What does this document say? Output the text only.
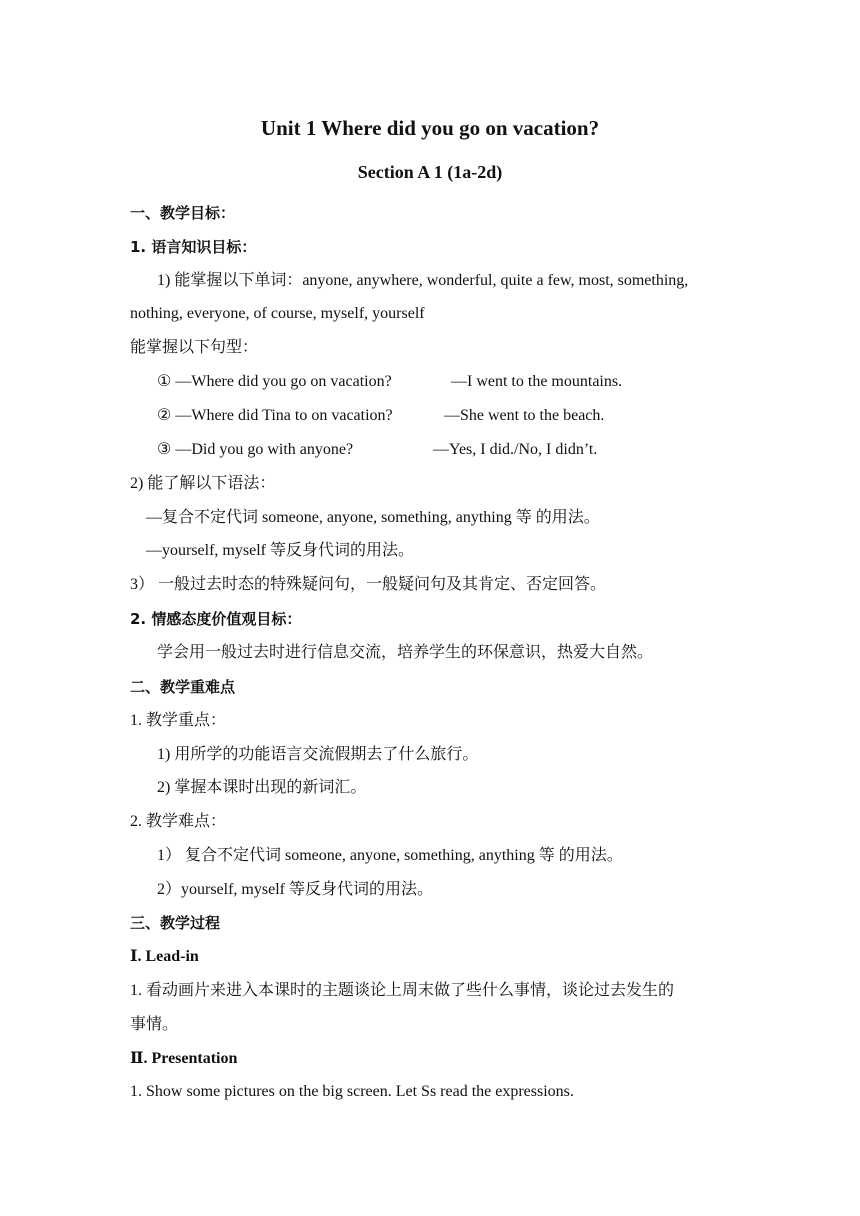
Unit 1 Where did you go on vacation?
Section A 1 (1a-2d)
一、教学目标：
1. 语言知识目标：
1) 能掌握以下单词：anyone, anywhere, wonderful, quite a few, most, something,
nothing, everyone, of course, myself, yourself
能掌握以下句型：
① —Where did you go on vacation?	—I went to the mountains.
② —Where did Tina to on vacation?	—She went to the beach.
③ —Did you go with anyone?	—Yes, I did./No, I didn’t.
2) 能了解以下语法：
—复合不定代词 someone, anyone, something, anything 等 的用法。
—yourself, myself 等反身代词的用法。
3） 一般过去时态的特殊疑问句，一般疑问句及其肯定、否定回答。
2. 情感态度价值观目标：
学会用一般过去时进行信息交流，培养学生的环保意识，热爱大自然。
二、教学重难点
1. 教学重点：
1) 用所学的功能语言交流假期去了什么旅行。
2) 掌握本课时出现的新词汇。
2. 教学难点：
1） 复合不定代词 someone, anyone, something, anything 等 的用法。
2）yourself, myself 等反身代词的用法。
三、教学过程
Ⅰ. Lead-in
1. 看动画片来进入本课时的主题谈论上周末做了些什么事情，谈论过去发生的
事情。
Ⅱ. Presentation
1. Show some pictures on the big screen. Let Ss read the expressions.
